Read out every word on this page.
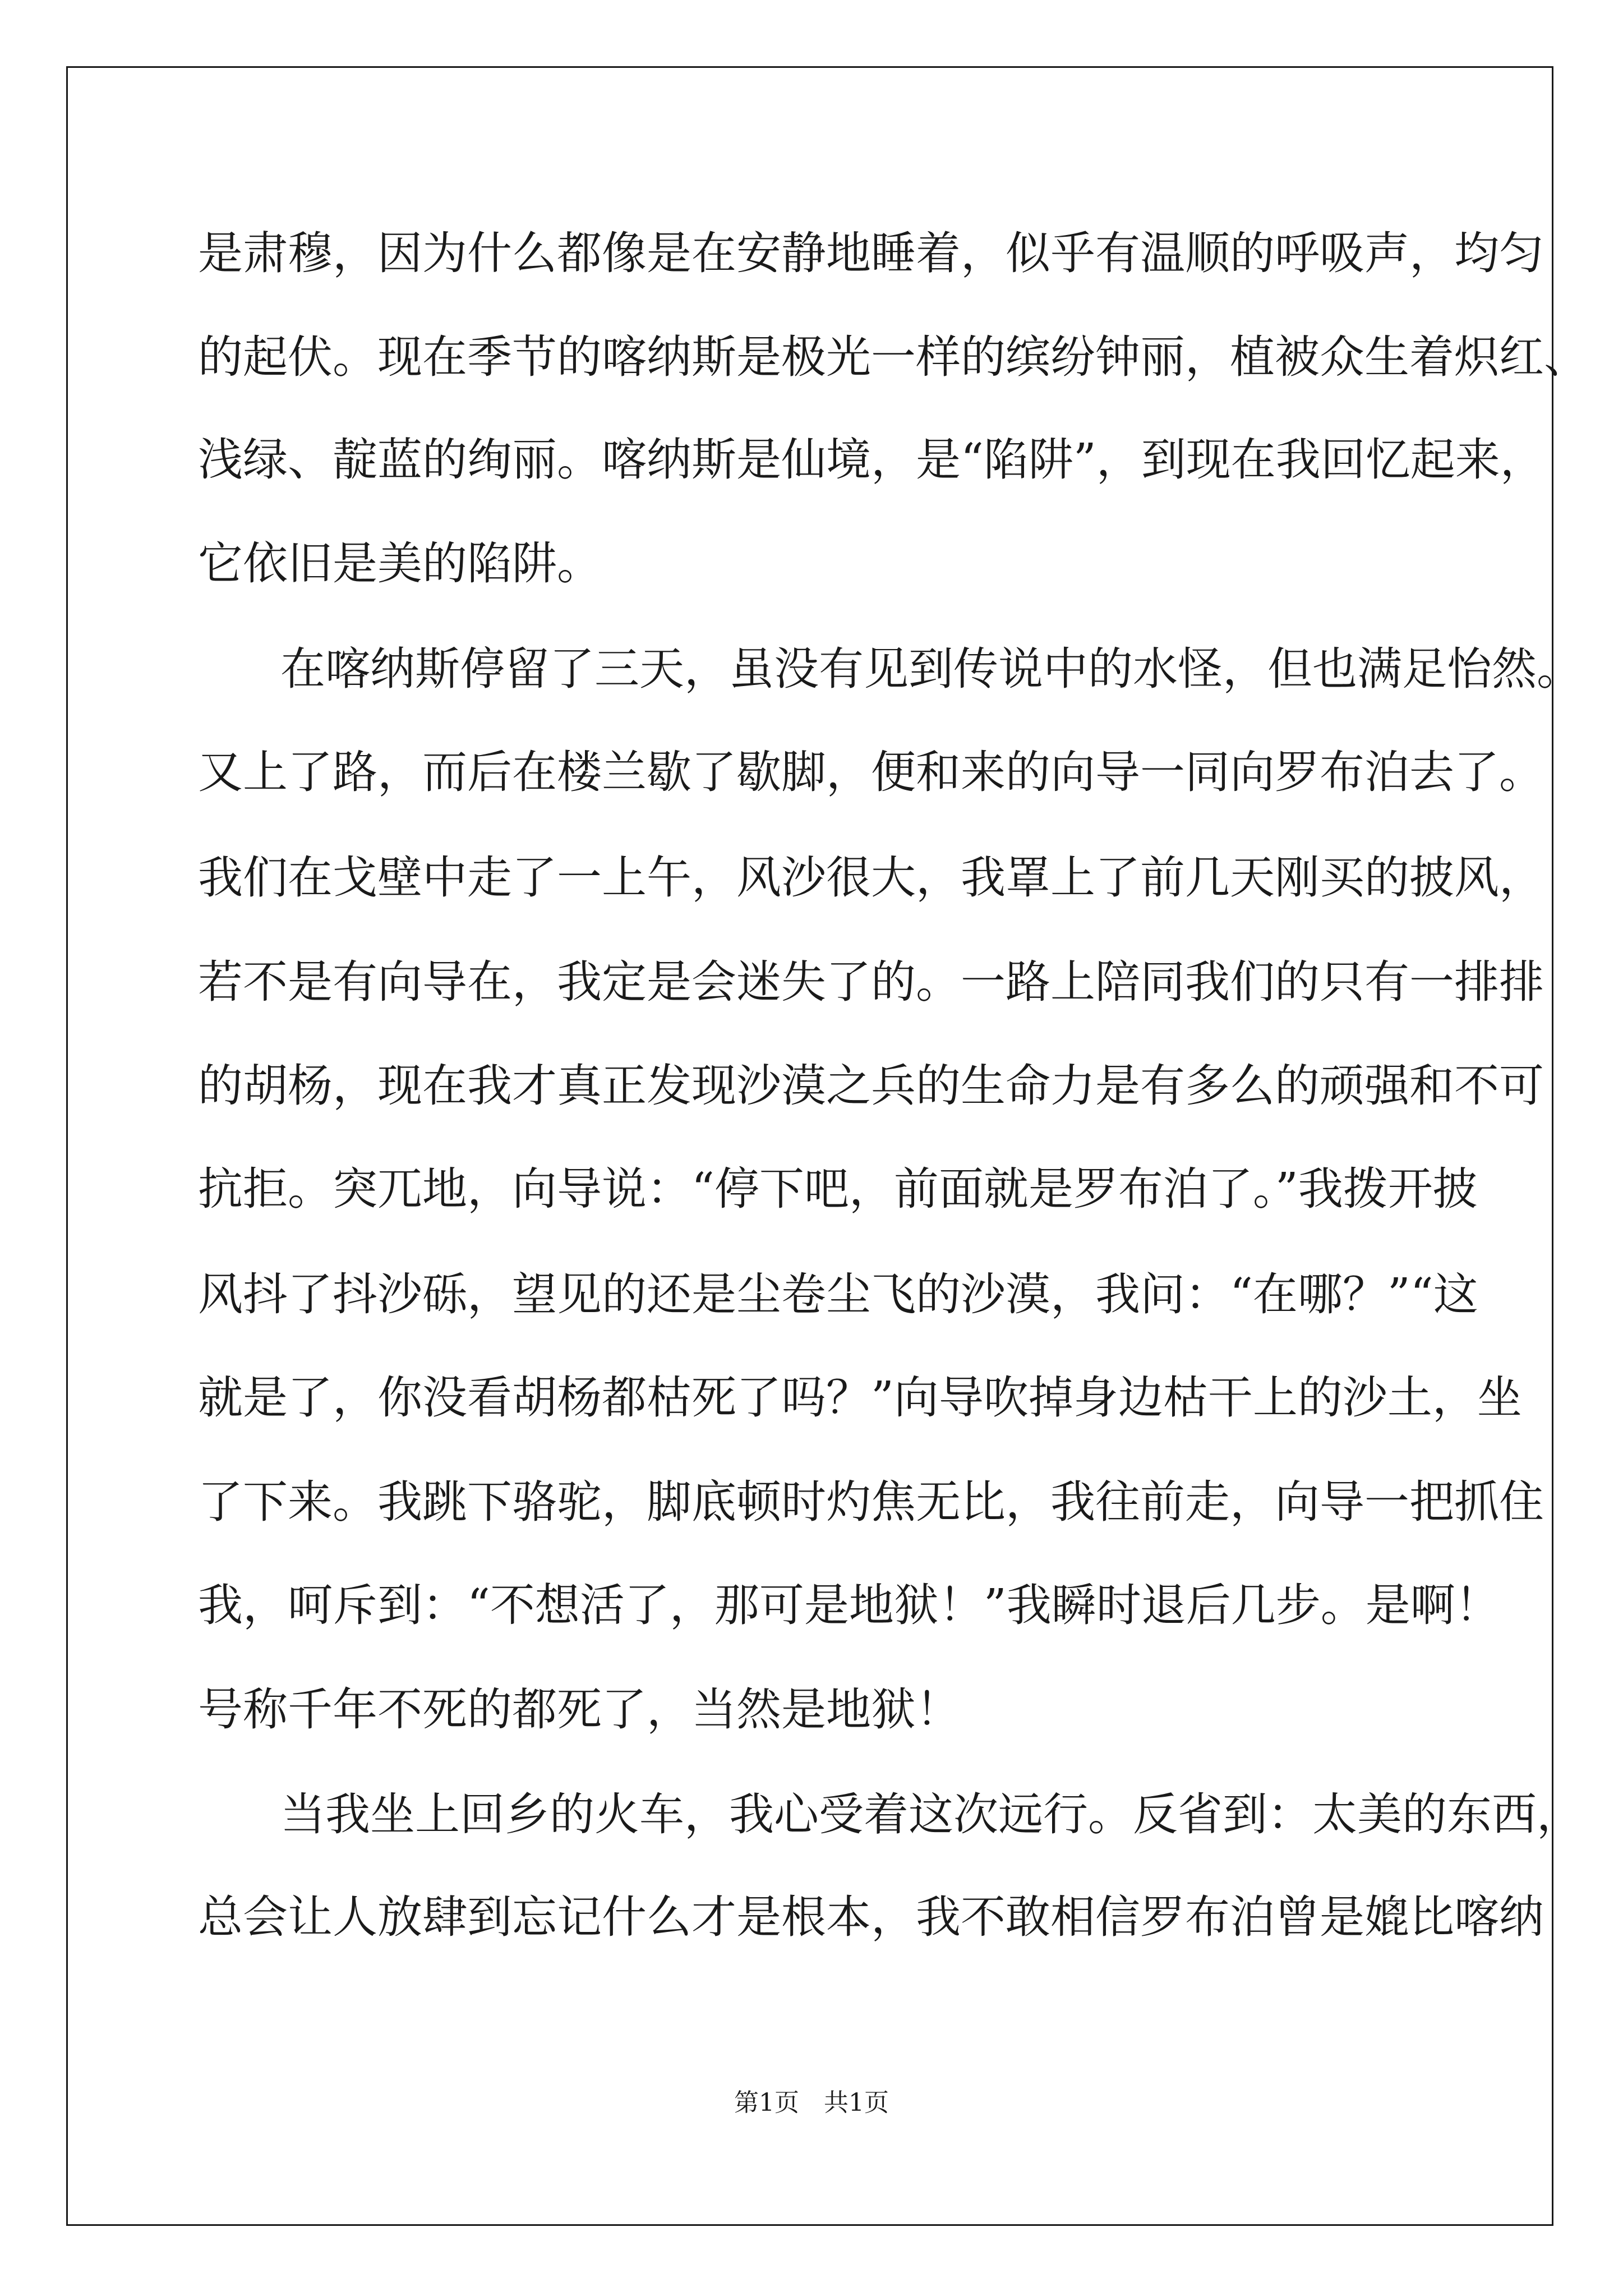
是肃穆，因为什么都像是在安静地睡着，似乎有温顺的呼吸声，均匀
的起伏。现在季节的喀纳斯是极光一样的缤纷钟丽，植被众生着炽红、
浅绿、靛蓝的绚丽。喀纳斯是仙境，是“陷阱”，到现在我回忆起来，
它依旧是美的陷阱。
在喀纳斯停留了三天，虽没有见到传说中的水怪，但也满足怡然。
又上了路，而后在楼兰歇了歇脚，便和来的向导一同向罗布泊去了。
我们在戈壁中走了一上午，风沙很大，我罩上了前几天刚买的披风，
若不是有向导在，我定是会迷失了的。一路上陪同我们的只有一排排
的胡杨，现在我才真正发现沙漠之兵的生命力是有多么的顽强和不可
抗拒。突兀地，向导说：“停下吧，前面就是罗布泊了。”我拨开披
风抖了抖沙砾，望见的还是尘卷尘飞的沙漠，我问：“在哪？”“这
就是了，你没看胡杨都枯死了吗？”向导吹掉身边枯干上的沙土，坐
了下来。我跳下骆驼，脚底顿时灼焦无比，我往前走，向导一把抓住
我，呵斥到：“不想活了，那可是地狱！”我瞬时退后几步。是啊！
号称千年不死的都死了，当然是地狱！
当我坐上回乡的火车，我心受着这次远行。反省到：太美的东西，
总会让人放肆到忘记什么才是根本，我不敢相信罗布泊曾是媲比喀纳
第1页　共1页
